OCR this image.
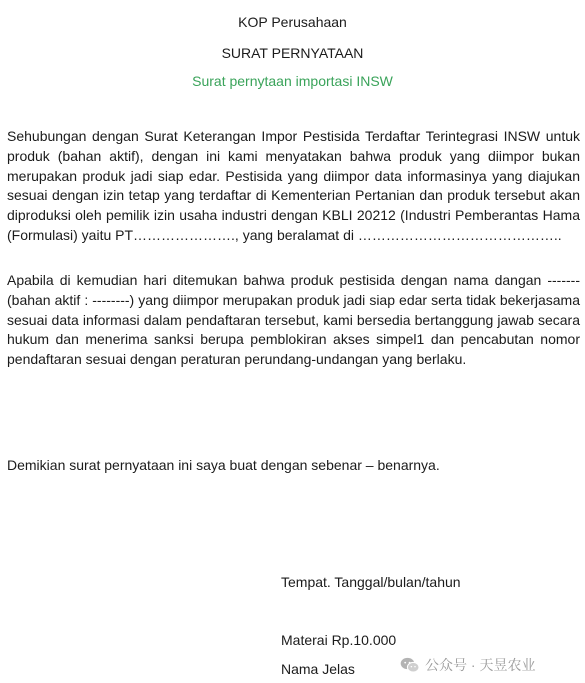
KOP Perusahaan
SURAT PERNYATAAN
Surat pernytaan importasi INSW

Sehubungan dengan Surat Keterangan Impor Pestisida Terdaftar Terintegrasi INSW untuk produk (bahan aktif), dengan ini kami menyatakan bahwa produk yang diimpor bukan merupakan produk jadi siap edar. Pestisida yang diimpor data informasinya yang diajukan sesuai dengan izin tetap yang terdaftar di Kementerian Pertanian dan produk tersebut akan diproduksi oleh pemilik izin usaha industri dengan KBLI 20212 (Industri Pemberantas Hama (Formulasi) yaitu PT…………………., yang beralamat di ……………………………………..

Apabila di kemudian hari ditemukan bahwa produk pestisida dengan nama dangan ------- (bahan aktif : --------) yang diimpor merupakan produk jadi siap edar serta tidak bekerjasama sesuai data informasi dalam pendaftaran tersebut, kami bersedia bertanggung jawab secara hukum dan menerima sanksi berupa pemblokiran akses simpel1 dan pencabutan nomor pendaftaran sesuai dengan peraturan perundang-undangan yang berlaku.

Demikian surat pernyataan ini saya buat dengan sebenar – benarnya.
Tempat. Tanggal/bulan/tahun
Materai Rp.10.000
Nama Jelas	公众号 · 天昱农业
